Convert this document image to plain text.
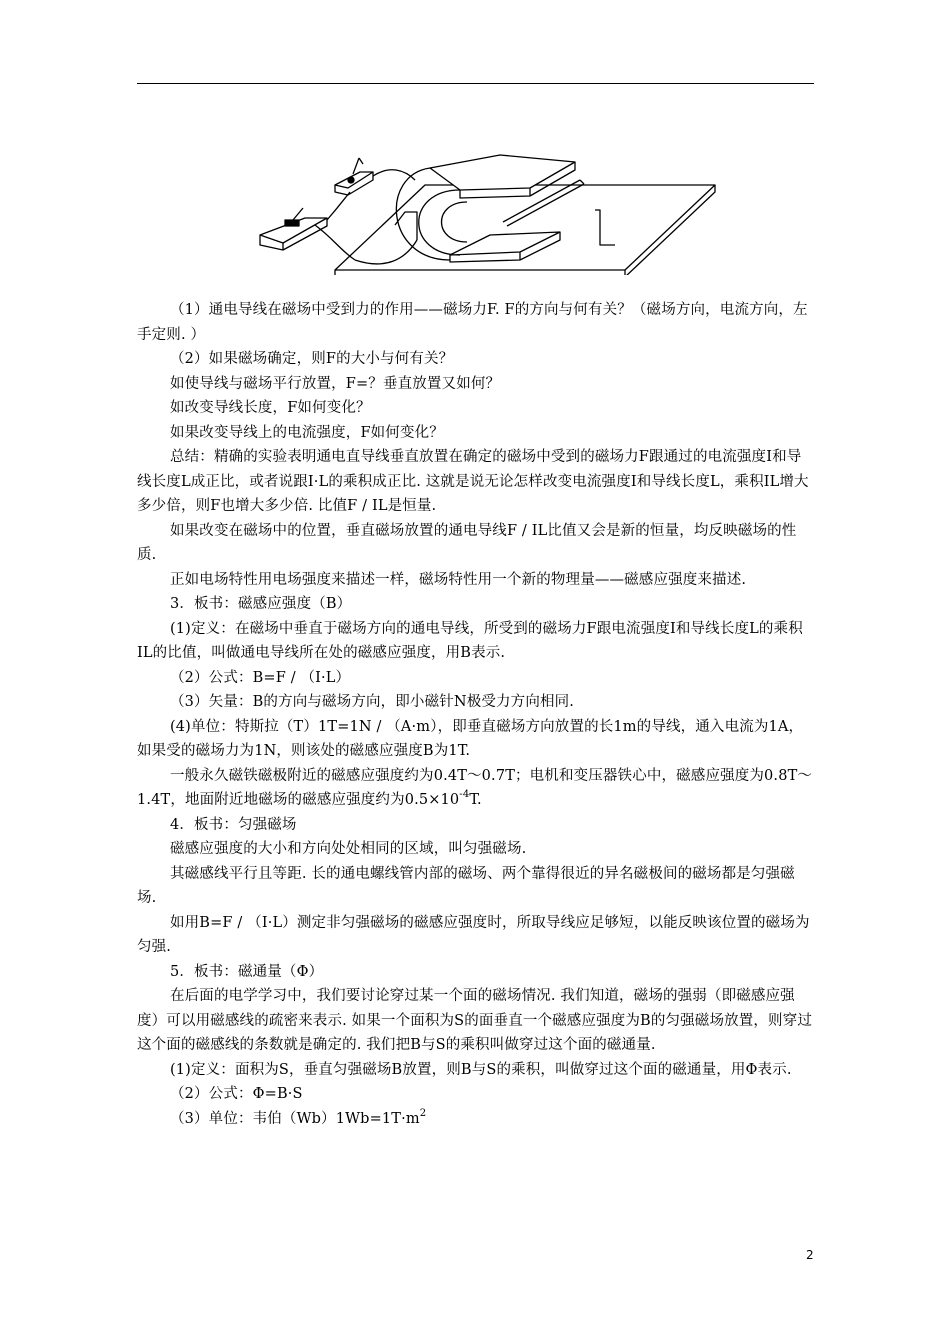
（1）通电导线在磁场中受到力的作用——磁场力F. F的方向与何有关？（磁场方向，电流方向，左手定则. ）

（2）如果磁场确定，则F的大小与何有关？

如使导线与磁场平行放置，F=？垂直放置又如何？

如改变导线长度，F如何变化？

如果改变导线上的电流强度，F如何变化？

总结：精确的实验表明通电直导线垂直放置在确定的磁场中受到的磁场力F跟通过的电流强度I和导线长度L成正比，或者说跟I·L的乘积成正比. 这就是说无论怎样改变电流强度I和导线长度L，乘积IL增大多少倍，则F也增大多少倍. 比值F / IL是恒量.

如果改变在磁场中的位置，垂直磁场放置的通电导线F / IL比值又会是新的恒量，均反映磁场的性质.

正如电场特性用电场强度来描述一样，磁场特性用一个新的物理量——磁感应强度来描述.

3．板书：磁感应强度（B）

(1)定义：在磁场中垂直于磁场方向的通电导线，所受到的磁场力F跟电流强度I和导线长度L的乘积IL的比值，叫做通电导线所在处的磁感应强度，用B表示.

（2）公式：B=F / （I·L）

（3）矢量：B的方向与磁场方向，即小磁针N极受力方向相同.

(4)单位：特斯拉（T）1T=1N / （A·m），即垂直磁场方向放置的长1m的导线，通入电流为1A，如果受的磁场力为1N，则该处的磁感应强度B为1T.

一般永久磁铁磁极附近的磁感应强度约为0.4T～0.7T；电机和变压器铁心中，磁感应强度为0.8T～1.4T，地面附近地磁场的磁感应强度约为$0.5\times 10^{-4}T$.

4．板书：匀强磁场

磁感应强度的大小和方向处处相同的区域，叫匀强磁场.

其磁感线平行且等距. 长的通电螺线管内部的磁场、两个靠得很近的异名磁极间的磁场都是匀强磁场.

如用B=F / （I·L）测定非匀强磁场的磁感应强度时，所取导线应足够短，以能反映该位置的磁场为匀强.

5．板书：磁通量（Φ）

在后面的电学学习中，我们要讨论穿过某一个面的磁场情况. 我们知道，磁场的强弱（即磁感应强度）可以用磁感线的疏密来表示. 如果一个面积为S的面垂直一个磁感应强度为B的匀强磁场放置，则穿过这个面的磁感线的条数就是确定的. 我们把B与S的乘积叫做穿过这个面的磁通量.

(1)定义：面积为S，垂直匀强磁场B放置，则B与S的乘积，叫做穿过这个面的磁通量，用Φ表示.

（2）公式：Φ=B·S

（3）单位：韦伯$(Wb)1Wb=1T\cdot m^2$

2
